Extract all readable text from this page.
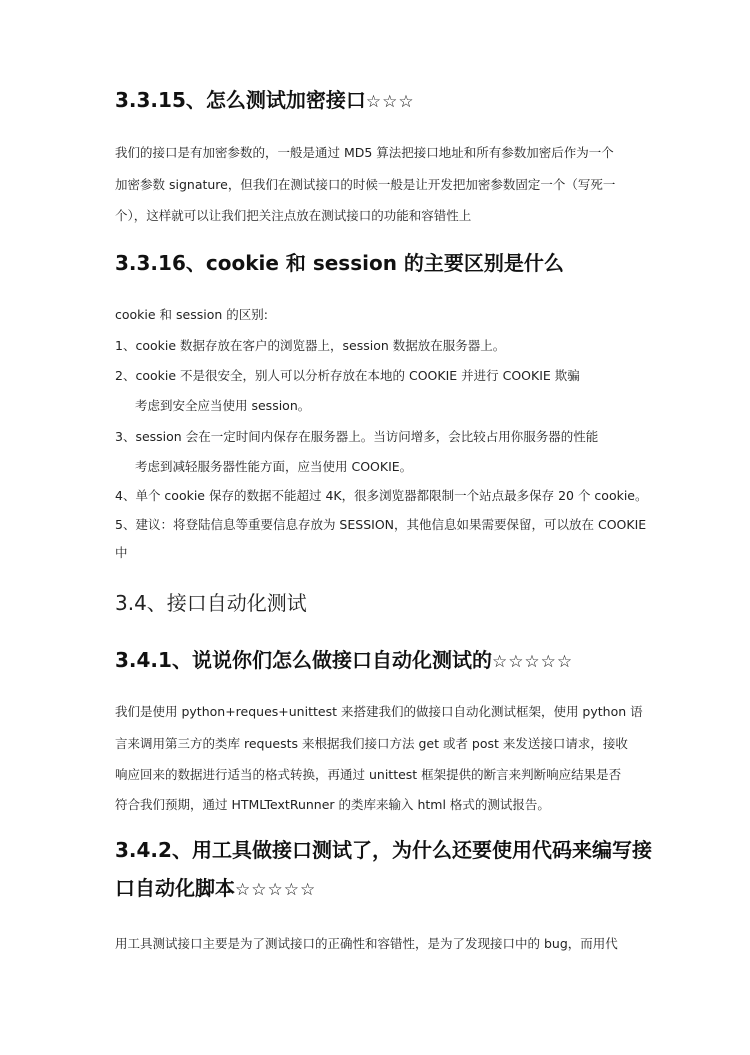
3.3.15、怎么测试加密接口☆☆☆
我们的接口是有加密参数的，一般是通过 MD5 算法把接口地址和所有参数加密后作为一个
加密参数 signature，但我们在测试接口的时候一般是让开发把加密参数固定一个（写死一
个），这样就可以让我们把关注点放在测试接口的功能和容错性上
3.3.16、cookie 和 session 的主要区别是什么
cookie 和 session 的区别:
1、cookie 数据存放在客户的浏览器上，session 数据放在服务器上。
2、cookie 不是很安全，别人可以分析存放在本地的 COOKIE 并进行 COOKIE 欺骗
考虑到安全应当使用 session。
3、session 会在一定时间内保存在服务器上。当访问增多，会比较占用你服务器的性能
考虑到减轻服务器性能方面，应当使用 COOKIE。
4、单个 cookie 保存的数据不能超过 4K，很多浏览器都限制一个站点最多保存 20 个 cookie。
5、建议：将登陆信息等重要信息存放为 SESSION，其他信息如果需要保留，可以放在 COOKIE
中
3.4、接口自动化测试
3.4.1、说说你们怎么做接口自动化测试的☆☆☆☆☆
我们是使用 python+reques+unittest 来搭建我们的做接口自动化测试框架，使用 python 语
言来调用第三方的类库 requests 来根据我们接口方法 get 或者 post 来发送接口请求，接收
响应回来的数据进行适当的格式转换，再通过 unittest 框架提供的断言来判断响应结果是否
符合我们预期，通过 HTMLTextRunner 的类库来输入 html 格式的测试报告。
3.4.2、用工具做接口测试了，为什么还要使用代码来编写接
口自动化脚本☆☆☆☆☆
用工具测试接口主要是为了测试接口的正确性和容错性，是为了发现接口中的 bug，而用代
